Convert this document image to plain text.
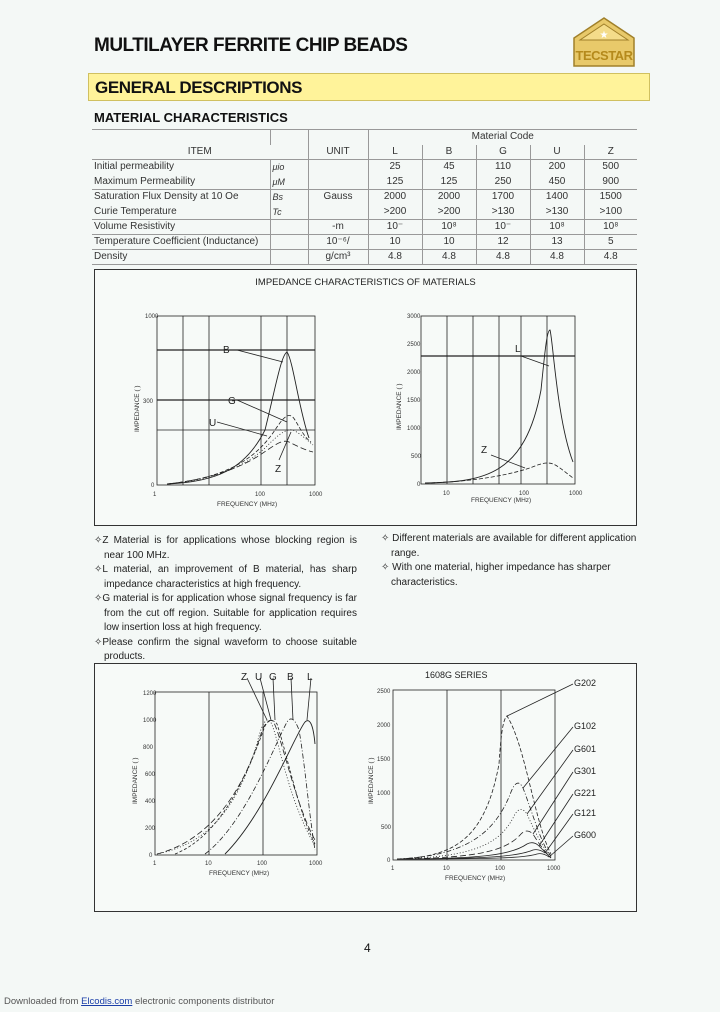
MULTILAYER FERRITE CHIP BEADS	★
TECSTAR
GENERAL DESCRIPTIONS
MATERIAL CHARACTERISTICS
			Material Code				
ITEM		UNIT	L	B	G	U	Z
Initial permeability	μio		25	45	110	200	500
Maximum Permeability	μM		125	125	250	450	900
Saturation Flux Density at 10 Oe	Bs	Gauss	2000	2000	1700	1400	1500
Curie Temperature	Tc		>200	>200	>130	>130	>100
Volume Resistivity		-m	10⁻	10⁸	10⁻	10⁸	10⁸
Temperature Coefficient (Inductance)		10⁻⁶/	10	10	12	13	5
Density		g/cm³	4.8	4.8	4.8	4.8	4.8
IMPEDANCE CHARACTERISTICS OF MATERIALS
1000
300
0
1	100	1000
FREQUENCY (MHz)
IMPEDANCE ( )
B
G
U
Z
3000
2500
2000
1500
1000
500
0
10	100	1000
FREQUENCY (MHz)
IMPEDANCE ( )
L
Z

✧Z Material is for applications whose blocking region is near 100 MHz.

✧L material, an improvement of B material, has sharp impedance characteristics at high frequency.

✧G material is for application whose signal frequency is far from the cut off region. Suitable for application requires low insertion loss at high frequency.

✧Please confirm the signal waveform to choose suitable products.

✧ Different materials are available for different application range.

✧ With one material, higher impedance has sharper characteristics.

1200
1000
800
600
400
200
0
1	10	100	1000
FREQUENCY (MHz)
IMPEDANCE ( )
Z U G B L	1608G SERIES
2500
2000
1500
1000
500
0
1	10	100	1000
FREQUENCY (MHz)
IMPEDANCE ( )
G202
G102
G601
G301
G221
G121
G600
4
Downloaded from Elcodis.com electronic components distributor
